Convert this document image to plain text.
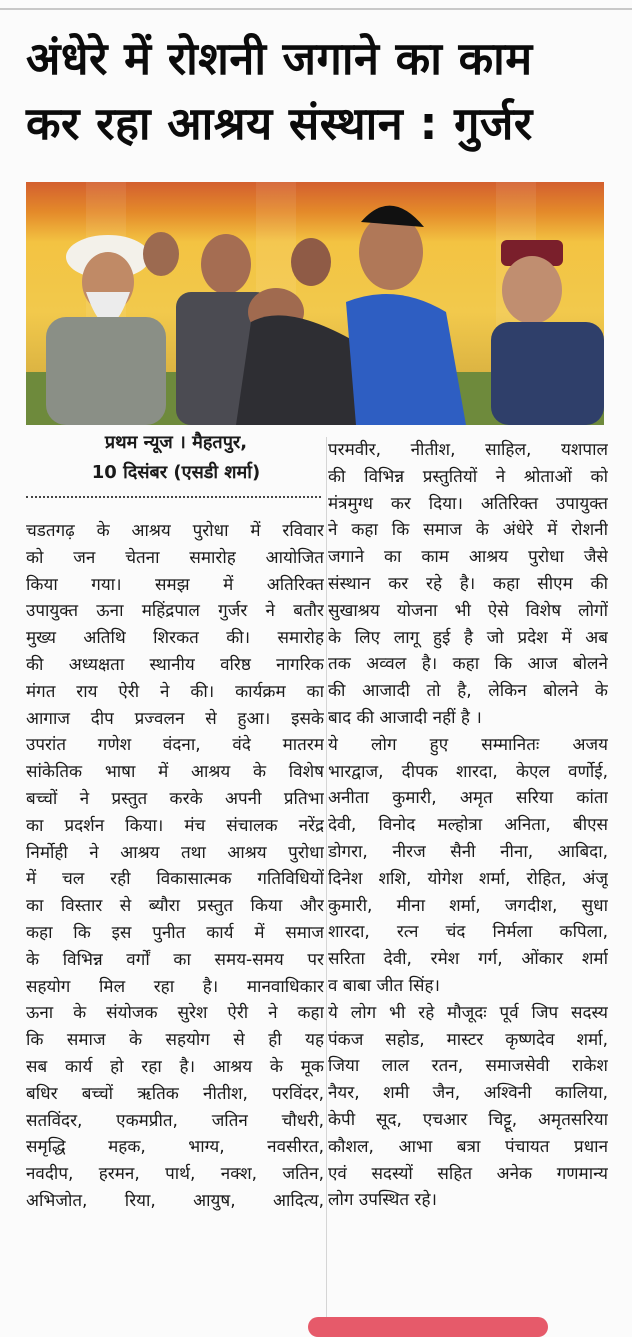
अंधेरे में रोशनी जगाने का काम
कर रहा आश्रय संस्थान : गुर्जर
प्रथम न्यूज । मैहतपुर,
10 दिसंबर (एसडी शर्मा)
चडतगढ़ के आश्रय पुरोधा में रविवार
को जन चेतना समारोह आयोजित
किया गया। समझ में अतिरिक्त
उपायुक्त ऊना महिंद्रपाल गुर्जर ने बतौर
मुख्य अतिथि शिरकत की। समारोह
की अध्यक्षता स्थानीय वरिष्ठ नागरिक
मंगत राय ऐरी ने की। कार्यक्रम का
आगाज दीप प्रज्वलन से हुआ। इसके
उपरांत गणेश वंदना, वंदे मातरम
सांकेतिक भाषा में आश्रय के विशेष
बच्चों ने प्रस्तुत करके अपनी प्रतिभा
का प्रदर्शन किया। मंच संचालक नरेंद्र
निर्मोही ने आश्रय तथा आश्रय पुरोधा
में चल रही विकासात्मक गतिविधियों
का विस्तार से ब्यौरा प्रस्तुत किया और
कहा कि इस पुनीत कार्य में समाज
के विभिन्न वर्गों का समय-समय पर
सहयोग मिल रहा है। मानवाधिकार
ऊना के संयोजक सुरेश ऐरी ने कहा
कि समाज के सहयोग से ही यह
सब कार्य हो रहा है। आश्रय के मूक
बधिर बच्चों ऋतिक नीतीश, परविंदर,
सतविंदर, एकमप्रीत, जतिन चौधरी,
समृद्धि महक, भाग्य, नवसीरत,
नवदीप, हरमन, पार्थ, नक्श, जतिन,
अभिजोत, रिया, आयुष, आदित्य,
परमवीर, नीतीश, साहिल, यशपाल
की विभिन्न प्रस्तुतियों ने श्रोताओं को
मंत्रमुग्ध कर दिया। अतिरिक्त उपायुक्त
ने कहा कि समाज के अंधेरे में रोशनी
जगाने का काम आश्रय पुरोधा जैसे
संस्थान कर रहे है। कहा सीएम की
सुखाश्रय योजना भी ऐसे विशेष लोगों
के लिए लागू हुई है जो प्रदेश में अब
तक अव्वल है। कहा कि आज बोलने
की आजादी तो है, लेकिन बोलने के
बाद की आजादी नहीं है ।
ये लोग हुए सम्मानितः अजय
भारद्वाज, दीपक शारदा, केएल वर्णोई,
अनीता कुमारी, अमृत सरिया कांता
देवी, विनोद मल्होत्रा अनिता, बीएस
डोगरा, नीरज सैनी नीना, आबिदा,
दिनेश शशि, योगेश शर्मा, रोहित, अंजू
कुमारी, मीना शर्मा, जगदीश, सुधा
शारदा, रत्न चंद निर्मला कपिला,
सरिता देवी, रमेश गर्ग, ओंकार शर्मा
व बाबा जीत सिंह।
ये लोग भी रहे मौजूदः पूर्व जिप सदस्य
पंकज सहोड, मास्टर कृष्णदेव शर्मा,
जिया लाल रतन, समाजसेवी राकेश
नैयर, शमी जैन, अश्विनी कालिया,
केपी सूद, एचआर चिट्टू, अमृतसरिया
कौशल, आभा बत्रा पंचायत प्रधान
एवं सदस्यों सहित अनेक गणमान्य
लोग उपस्थित रहे।
